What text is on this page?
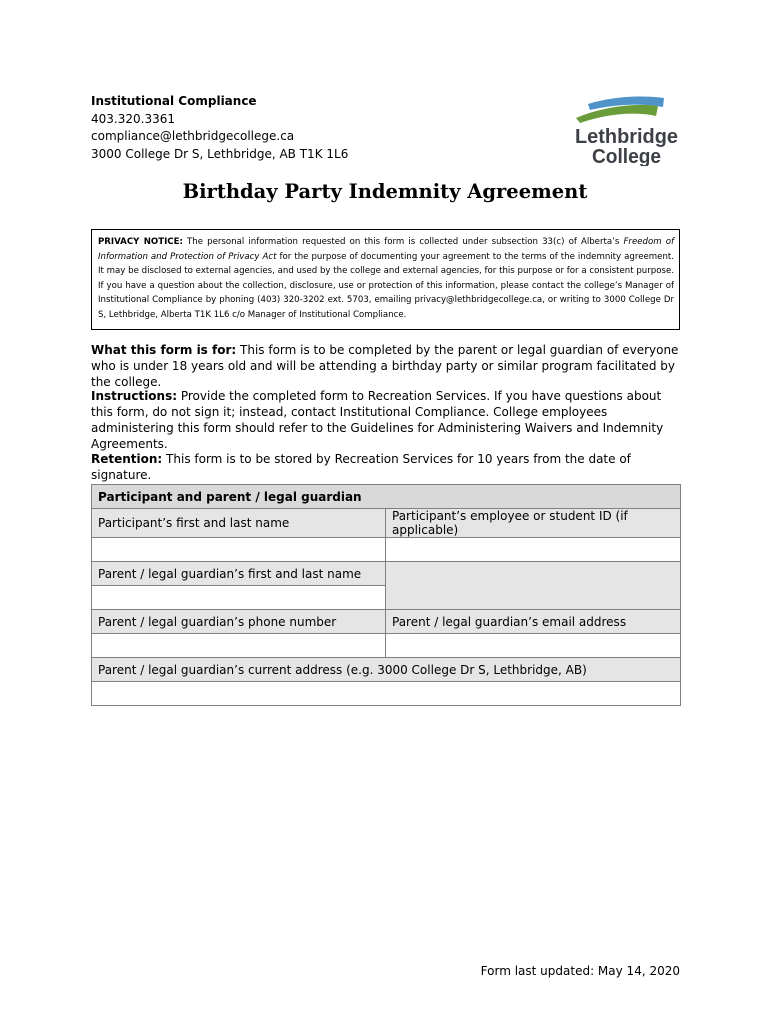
Institutional Compliance
403.320.3361
compliance@lethbridgecollege.ca
3000 College Dr S, Lethbridge, AB T1K 1L6
Lethbridge
College
Birthday Party Indemnity Agreement
PRIVACY NOTICE: The personal information requested on this form is collected under subsection 33(c) of Alberta’s Freedom of Information and Protection of Privacy Act for the purpose of documenting your agreement to the terms of the indemnity agreement. It may be disclosed to external agencies, and used by the college and external agencies, for this purpose or for a consistent purpose. If you have a question about the collection, disclosure, use or protection of this information, please contact the college’s Manager of Institutional Compliance by phoning (403) 320-3202 ext. 5703, emailing privacy@lethbridgecollege.ca, or writing to 3000 College Dr S, Lethbridge, Alberta T1K 1L6 c/o Manager of Institutional Compliance.
What this form is for: This form is to be completed by the parent or legal guardian of everyone who is under 18 years old and will be attending a birthday party or similar program facilitated by the college.
Instructions: Provide the completed form to Recreation Services. If you have questions about this form, do not sign it; instead, contact Institutional Compliance. College employees administering this form should refer to the Guidelines for Administering Waivers and Indemnity Agreements.
Retention: This form is to be stored by Recreation Services for 10 years from the date of signature.
Participant and parent / legal guardian	
Participant’s first and last name	Participant’s employee or student ID (if applicable)

Parent / legal guardian’s first and last name	

Parent / legal guardian’s phone number	Parent / legal guardian’s email address

Parent / legal guardian’s current address (e.g. 3000 College Dr S, Lethbridge, AB)	

Form last updated: May 14, 2020
